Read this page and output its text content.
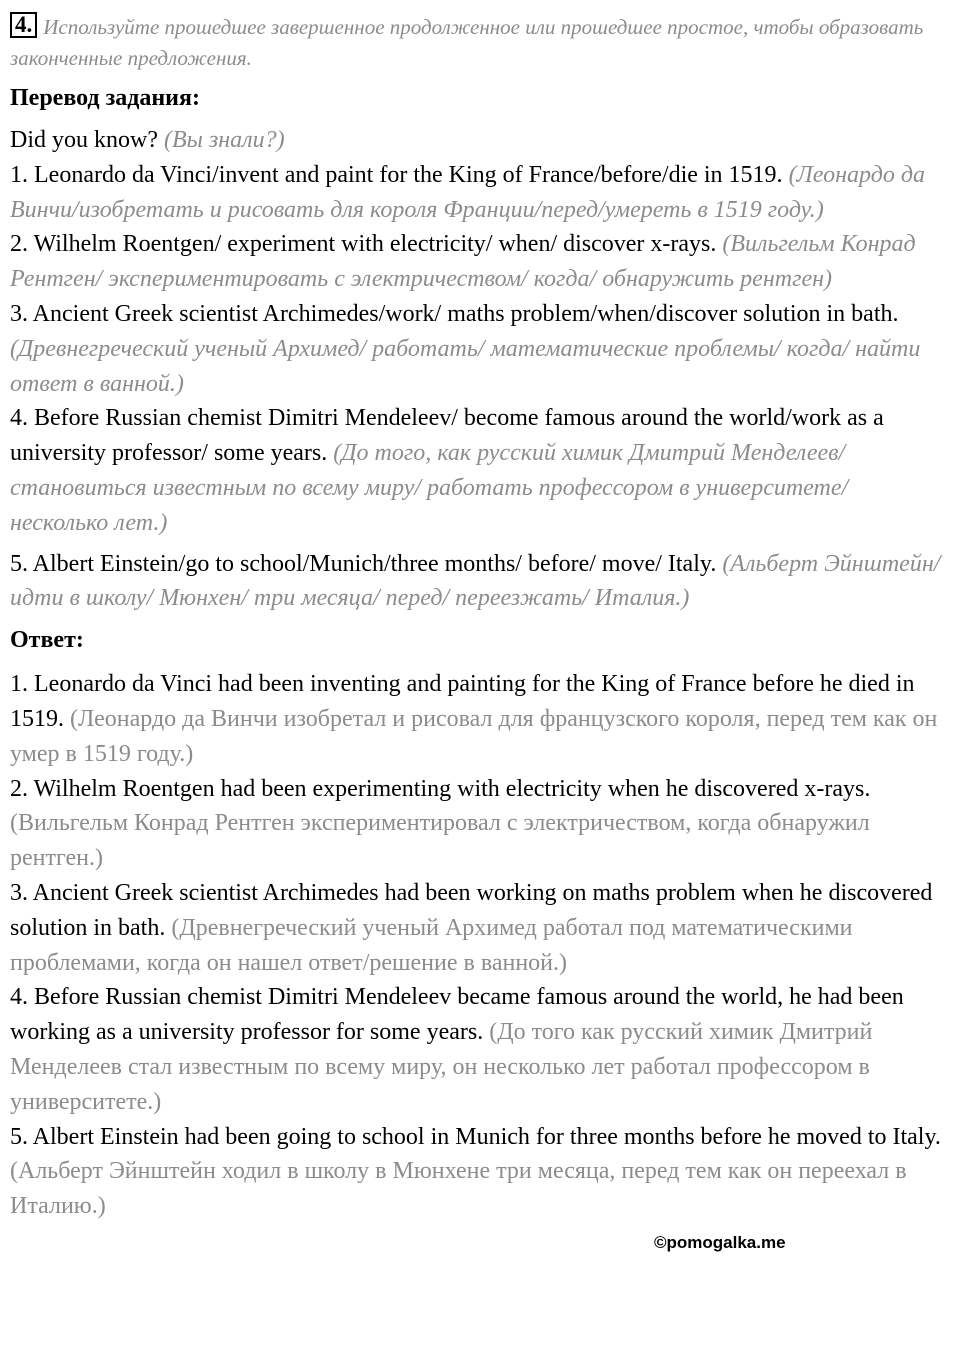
4. Используйте прошедшее завершенное продолженное или прошедшее простое, чтобы образовать законченные предложения.
Перевод задания:
Did you know? (Вы знали?)
1. Leonardo da Vinci/invent and paint for the King of France/before/die in 1519. (Леонардо да Винчи/изобретать и рисовать для короля Франции/перед/умереть в 1519 году.)
2. Wilhelm Roentgen/ experiment with electricity/ when/ discover x-rays. (Вильгельм Конрад Рентген/ экспериментировать с электричеством/ когда/ обнаружить рентген)
3. Ancient Greek scientist Archimedes/work/ maths problem/when/discover solution in bath. (Древнегреческий ученый Архимед/ работать/ математические проблемы/ когда/ найти ответ в ванной.)
4. Before Russian chemist Dimitri Mendeleev/ become famous around the world/work as a university professor/ some years. (До того, как русский химик Дмитрий Менделеев/ становиться известным по всему миру/ работать профессором в университете/ несколько лет.)
5. Albert Einstein/go to school/Munich/three months/ before/ move/ Italy. (Альберт Эйнштейн/ идти в школу/ Мюнхен/ три месяца/ перед/ переезжать/ Италия.)
Ответ:
1. Leonardo da Vinci had been inventing and painting for the King of France before he died in 1519. (Леонардо да Винчи изобретал и рисовал для французского короля, перед тем как он умер в 1519 году.)
2. Wilhelm Roentgen had been experimenting with electricity when he discovered x-rays. (Вильгельм Конрад Рентген экспериментировал с электричеством, когда обнаружил рентген.)
3. Ancient Greek scientist Archimedes had been working on maths problem when he discovered solution in bath. (Древнегреческий ученый Архимед работал под математическими проблемами, когда он нашел ответ/решение в ванной.)
4. Before Russian chemist Dimitri Mendeleev became famous around the world, he had been working as a university professor for some years. (До того как русский химик Дмитрий Менделеев стал известным по всему миру, он несколько лет работал профессором в университете.)
5. Albert Einstein had been going to school in Munich for three months before he moved to Italy. (Альберт Эйнштейн ходил в школу в Мюнхене три месяца, перед тем как он переехал в Италию.)
©pomogalka.me
